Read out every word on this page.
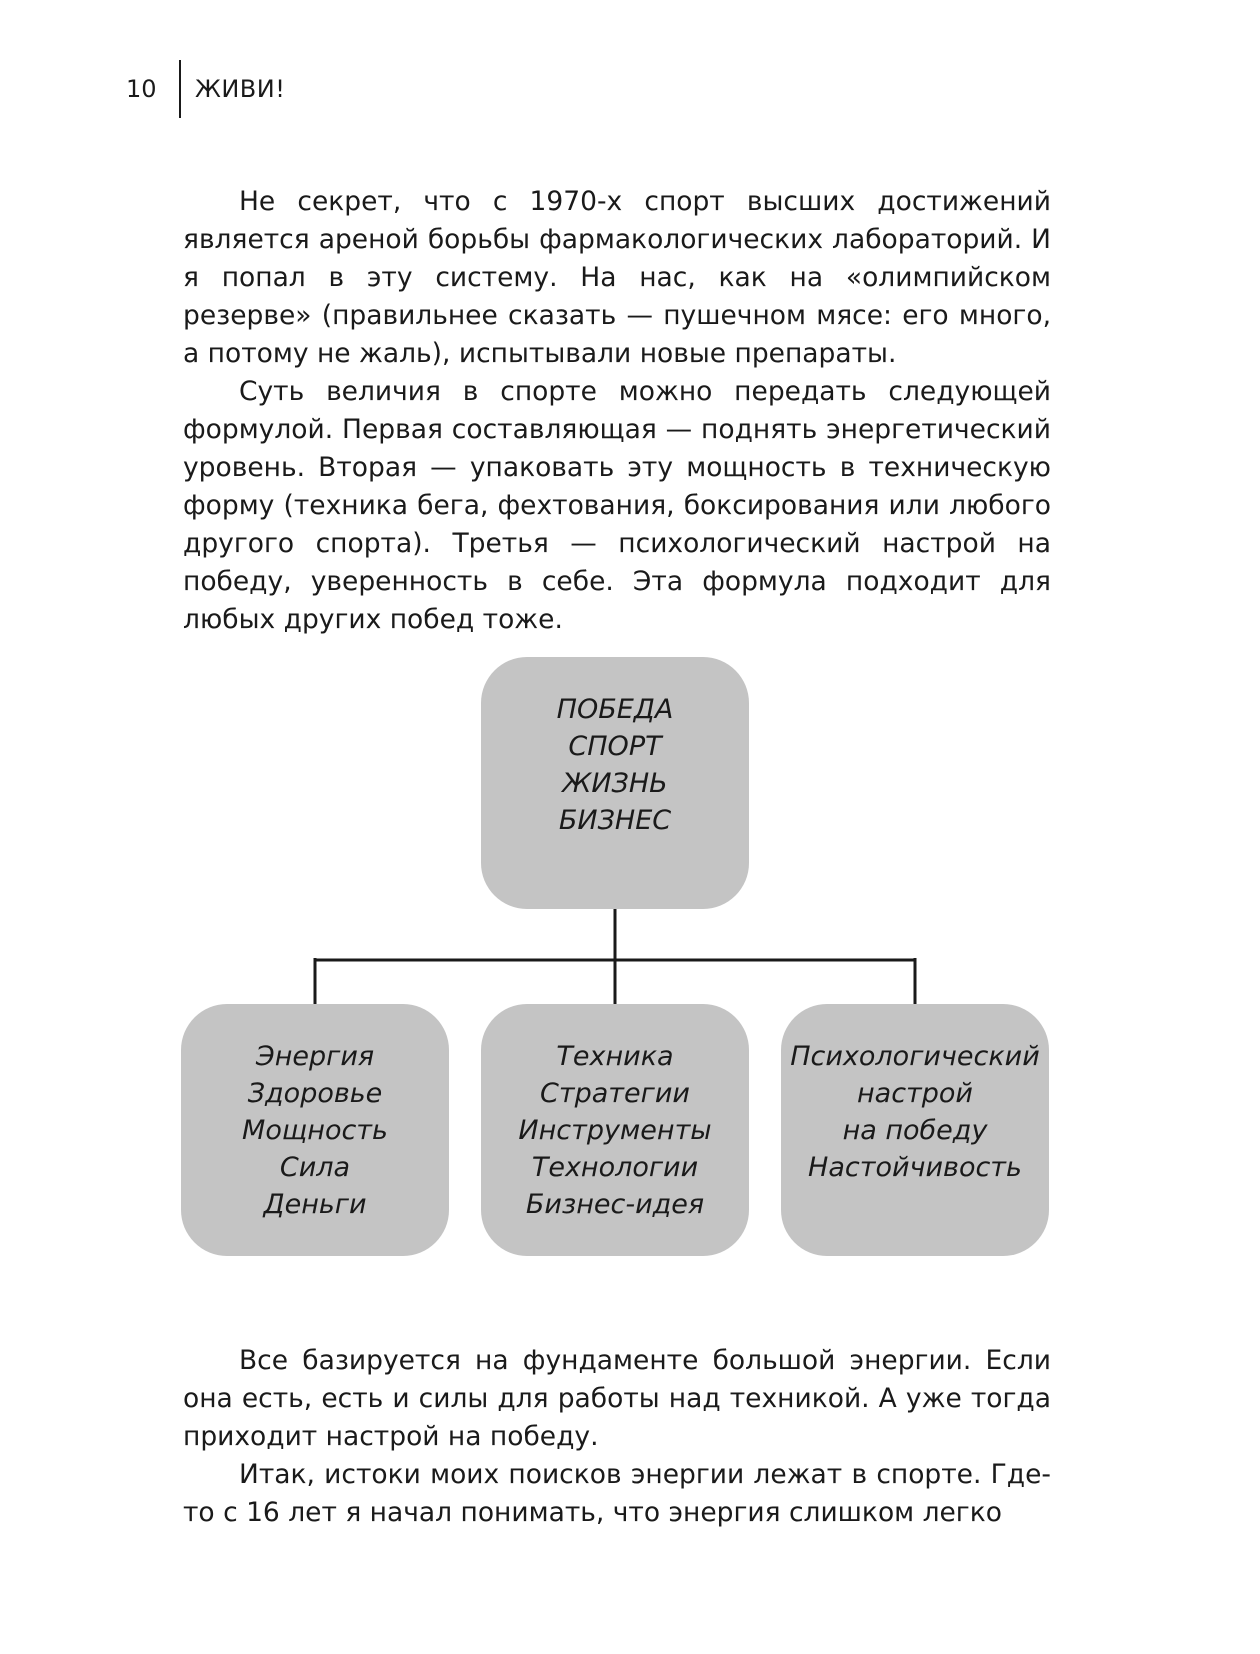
10 ЖИВИ!

Не секрет, что с 1970-х спорт высших достижений является ареной борьбы фармакологических лабораторий. И я попал в эту систему. На нас, как на «олимпийском резерве» (правильнее сказать — пушечном мясе: его много, а потому не жаль), испытывали новые препараты.

Суть величия в спорте можно передать следующей формулой. Первая составляющая — поднять энергетический уровень. Вторая — упаковать эту мощность в техническую форму (техника бега, фехтования, боксирования или любого другого спорта). Третья — психологический настрой на победу, уверенность в себе. Эта формула подходит для любых других побед тоже.

ПОБЕДА
СПОРТ
ЖИЗНЬ
БИЗНЕС
Энергия
Здоровье
Мощность
Сила
Деньги
Техника
Стратегии
Инструменты
Технологии
Бизнес-идея
Психологический
настрой
на победу
Настойчивость

Все базируется на фундаменте большой энергии. Если она есть, есть и силы для работы над техникой. А уже тогда приходит настрой на победу.

Итак, истоки моих поисков энергии лежат в спорте. Где-то с 16 лет я начал понимать, что энергия слишком легко
